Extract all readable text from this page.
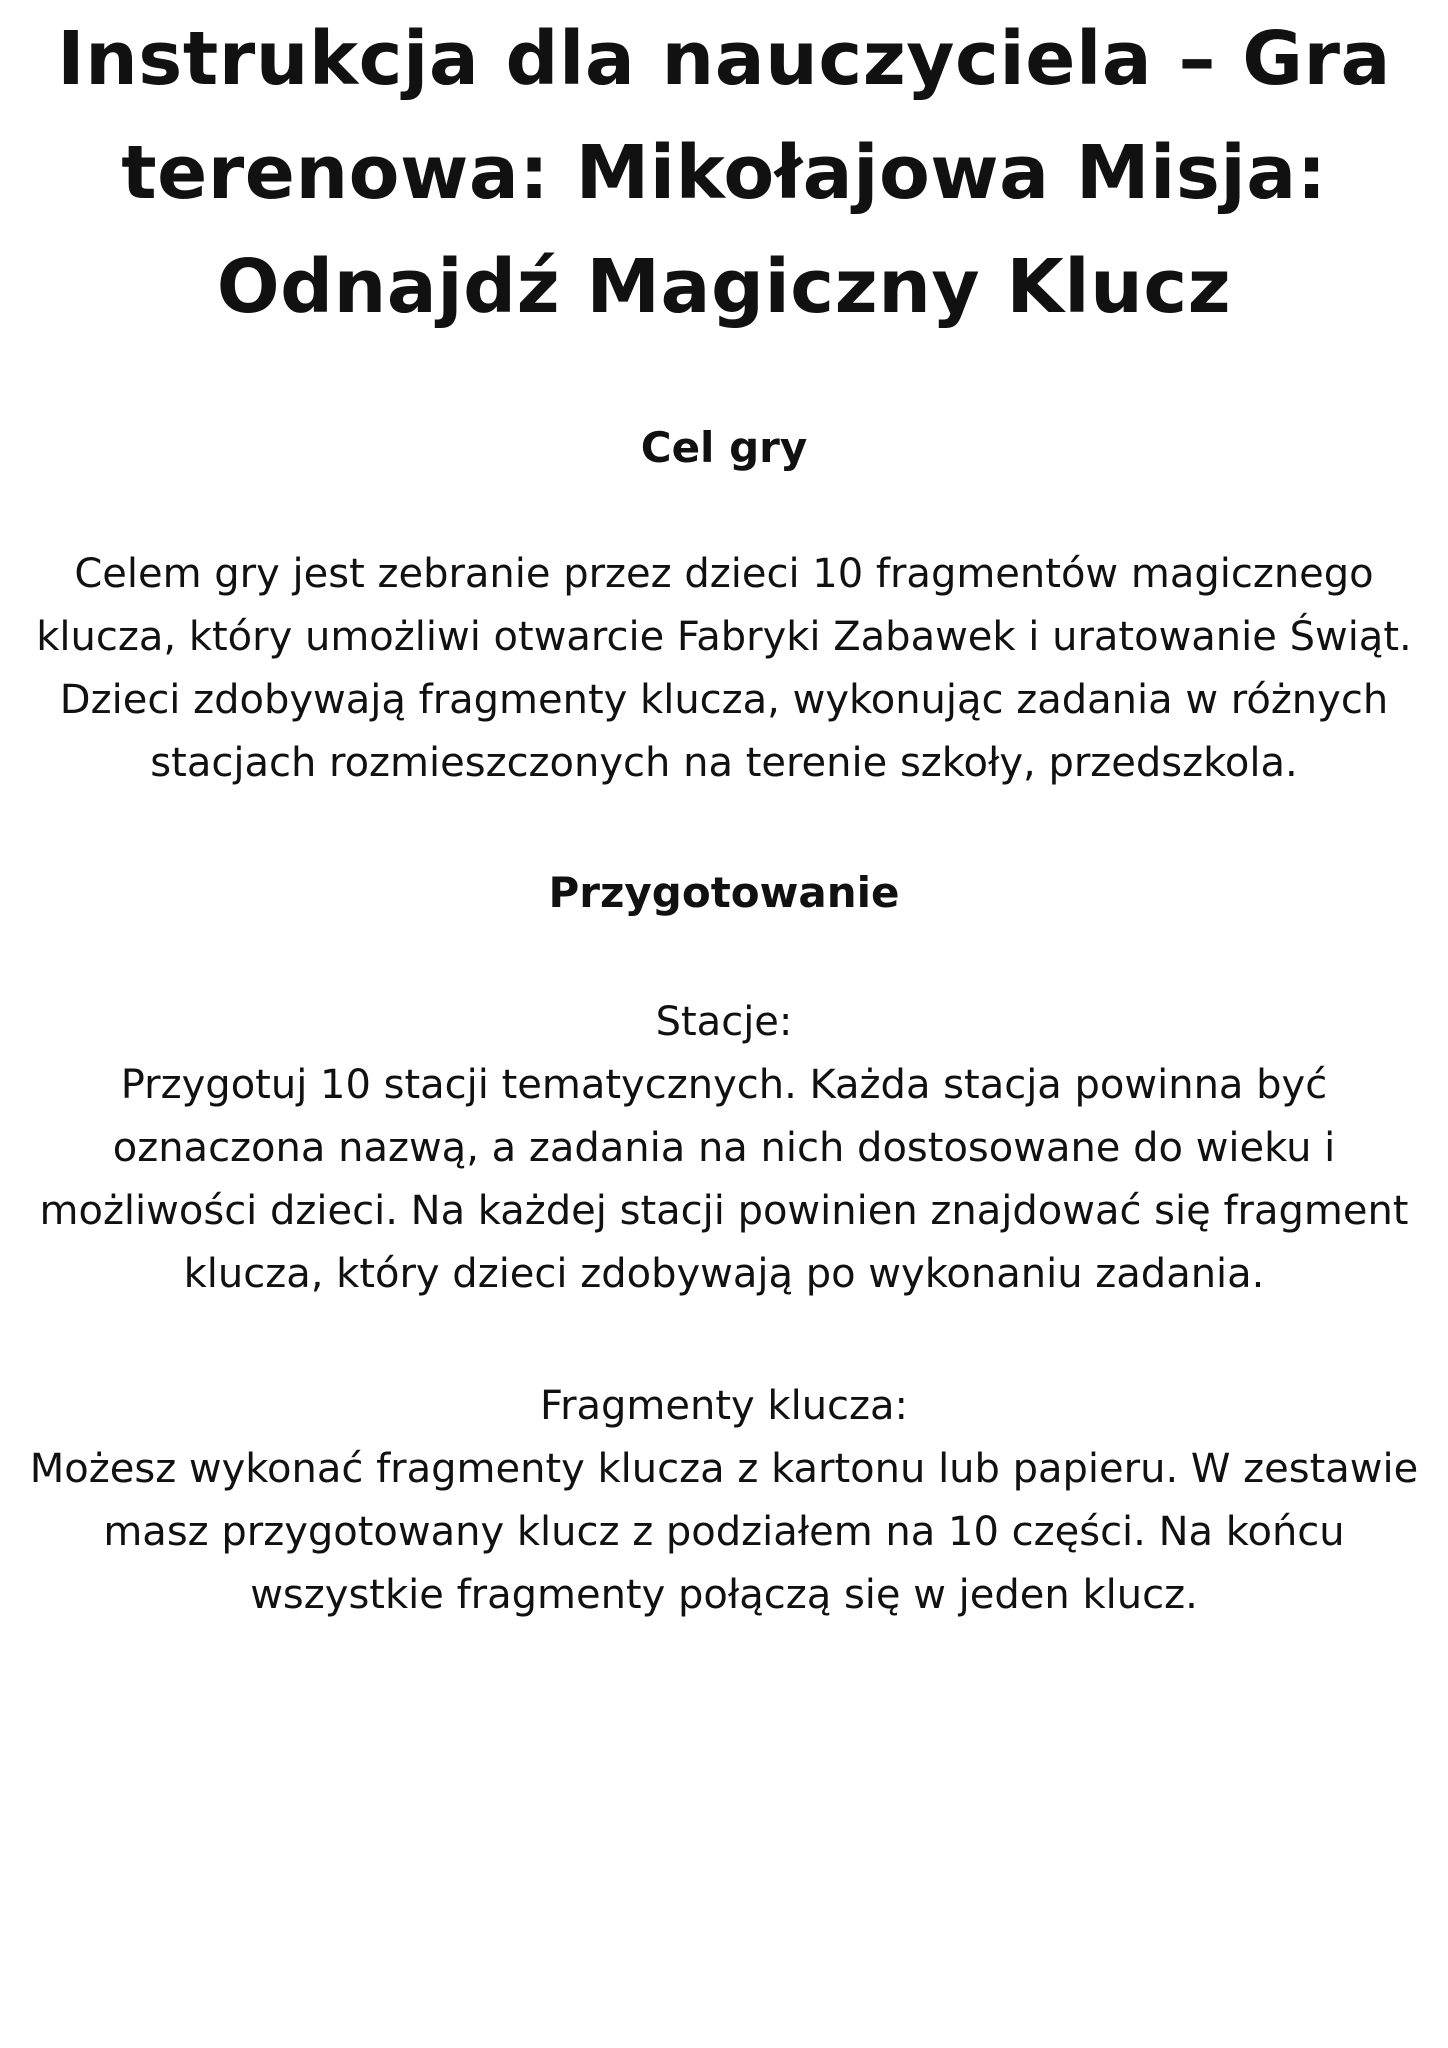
Instrukcja dla nauczyciela – Gra terenowa: Mikołajowa Misja: Odnajdź Magiczny Klucz
Cel gry

Celem gry jest zebranie przez dzieci 10 fragmentów magicznego klucza, który umożliwi otwarcie Fabryki Zabawek i uratowanie Świąt. Dzieci zdobywają fragmenty klucza, wykonując zadania w różnych stacjach rozmieszczonych na terenie szkoły, przedszkola.

Przygotowanie

Stacje:

Przygotuj 10 stacji tematycznych. Każda stacja powinna być oznaczona nazwą, a zadania na nich dostosowane do wieku i możliwości dzieci. Na każdej stacji powinien znajdować się fragment klucza, który dzieci zdobywają po wykonaniu zadania.

Fragmenty klucza:

Możesz wykonać fragmenty klucza z kartonu lub papieru. W zestawie masz przygotowany klucz z podziałem na 10 części. Na końcu wszystkie fragmenty połączą się w jeden klucz.
